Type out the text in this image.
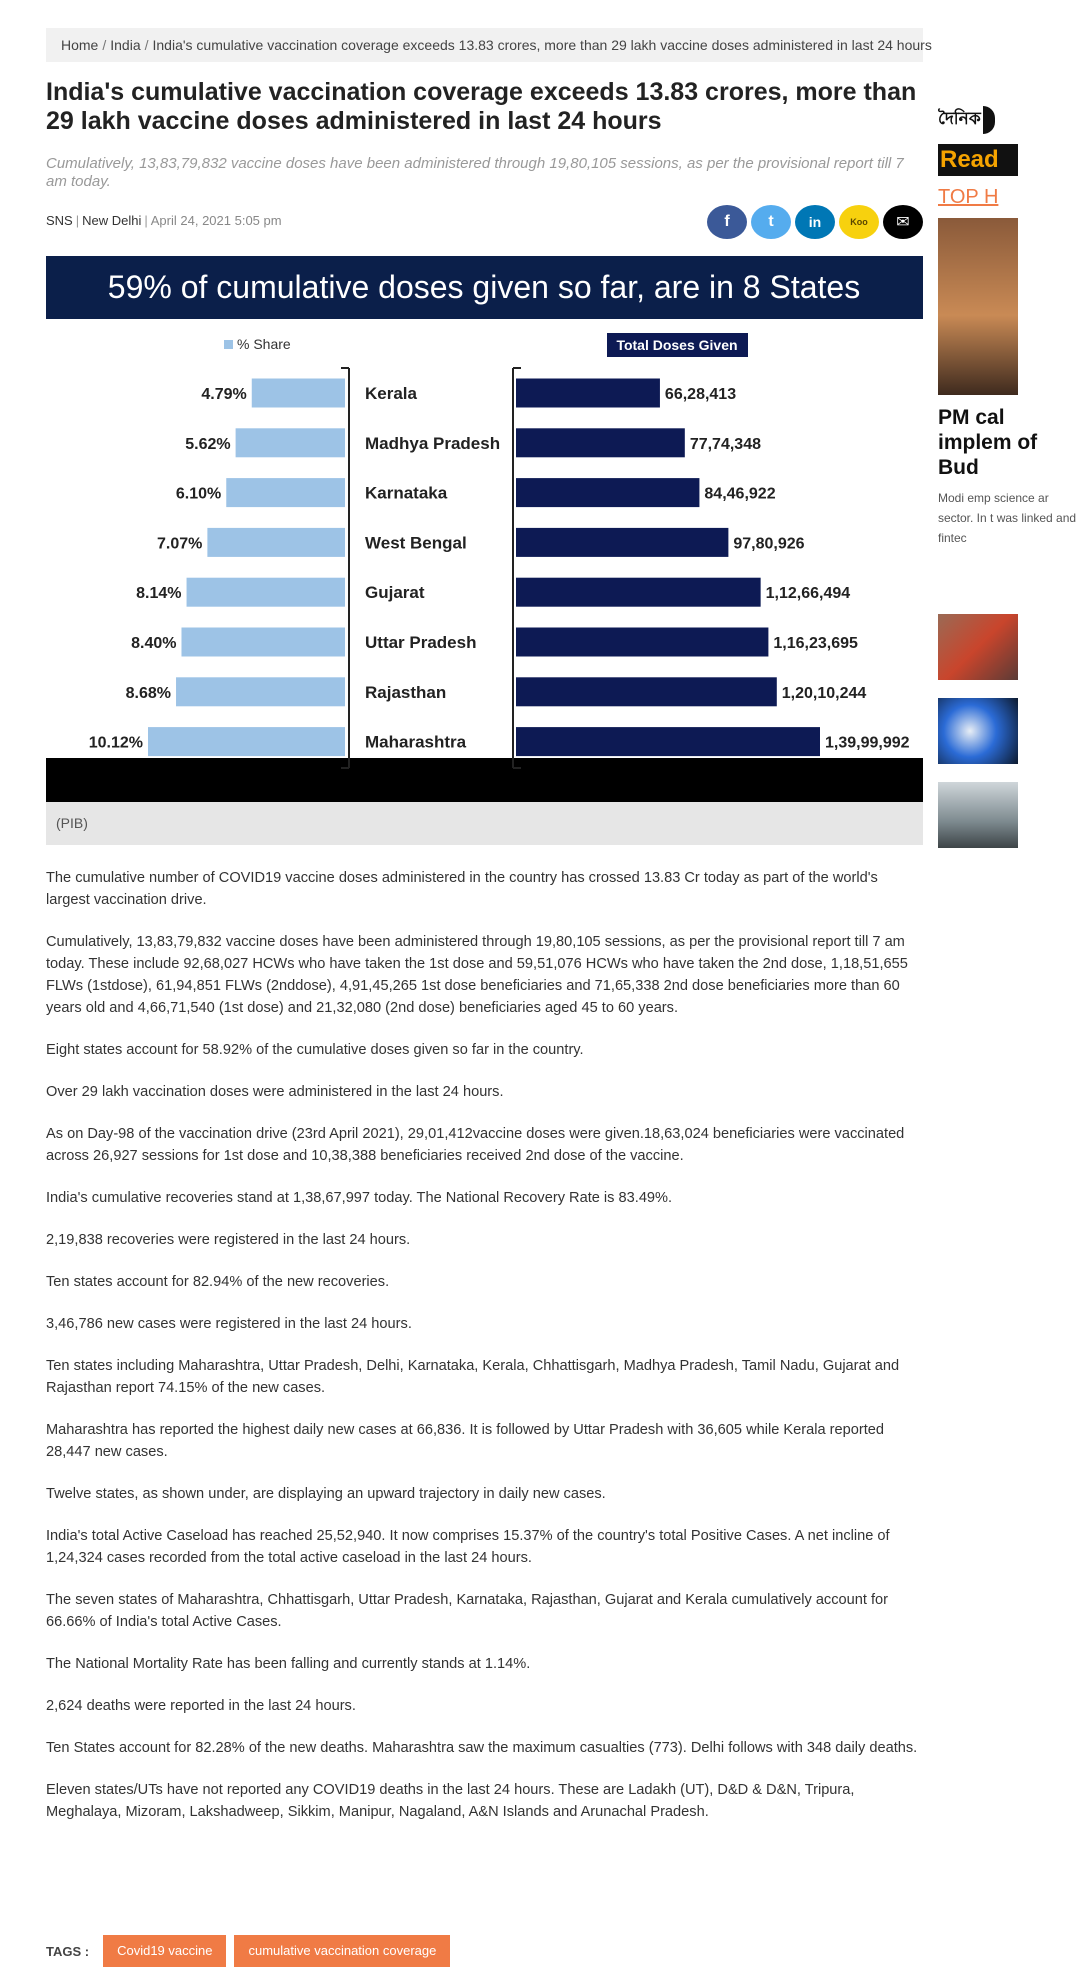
Home / India / India's cumulative vaccination coverage exceeds 13.83 crores, more than 29 lakh vaccine doses administered in last 24 hours
India's cumulative vaccination coverage exceeds 13.83 crores, more than 29 lakh vaccine doses administered in last 24 hours
Cumulatively, 13,83,79,832 vaccine doses have been administered through 19,80,105 sessions, as per the provisional report till 7 am today.
SNS | New Delhi | April 24, 2021 5:05 pm	f t	in	Koo ✉
59% of cumulative doses given so far, are in 8 States
% Share	Total Doses Given
4.79%	Kerala	66,28,413
5.62%	Madhya Pradesh	77,74,348
6.10%	Karnataka	84,46,922
7.07%	West Bengal	97,80,926
8.14%	Gujarat	1,12,66,494
8.40%	Uttar Pradesh	1,16,23,695
8.68%	Rajasthan	1,20,10,244
10.12%	Maharashtra	1,39,99,992
(PIB)

The cumulative number of COVID19 vaccine doses administered in the country has crossed 13.83 Cr today as part of the world's largest vaccination drive.

Cumulatively, 13,83,79,832 vaccine doses have been administered through 19,80,105 sessions, as per the provisional report till 7 am today. These include 92,68,027 HCWs who have taken the 1st dose and 59,51,076 HCWs who have taken the 2nd dose, 1,18,51,655 FLWs (1stdose), 61,94,851 FLWs (2nddose), 4,91,45,265 1st dose beneficiaries and 71,65,338 2nd dose beneficiaries more than 60 years old and 4,66,71,540 (1st dose) and 21,32,080 (2nd dose) beneficiaries aged 45 to 60 years.

Eight states account for 58.92% of the cumulative doses given so far in the country.

Over 29 lakh vaccination doses were administered in the last 24 hours.

As on Day-98 of the vaccination drive (23rd April 2021), 29,01,412vaccine doses were given.18,63,024 beneficiaries were vaccinated across 26,927 sessions for 1st dose and 10,38,388 beneficiaries received 2nd dose of the vaccine.

India's cumulative recoveries stand at 1,38,67,997 today. The National Recovery Rate is 83.49%.

2,19,838 recoveries were registered in the last 24 hours.

Ten states account for 82.94% of the new recoveries.

3,46,786 new cases were registered in the last 24 hours.

Ten states including Maharashtra, Uttar Pradesh, Delhi, Karnataka, Kerala, Chhattisgarh, Madhya Pradesh, Tamil Nadu, Gujarat and Rajasthan report 74.15% of the new cases.

Maharashtra has reported the highest daily new cases at 66,836. It is followed by Uttar Pradesh with 36,605 while Kerala reported 28,447 new cases.

Twelve states, as shown under, are displaying an upward trajectory in daily new cases.

India's total Active Caseload has reached 25,52,940. It now comprises 15.37% of the country's total Positive Cases. A net incline of 1,24,324 cases recorded from the total active caseload in the last 24 hours.

The seven states of Maharashtra, Chhattisgarh, Uttar Pradesh, Karnataka, Rajasthan, Gujarat and Kerala cumulatively account for 66.66% of India's total Active Cases.

The National Mortality Rate has been falling and currently stands at 1.14%.

2,624 deaths were reported in the last 24 hours.

Ten States account for 82.28% of the new deaths. Maharashtra saw the maximum casualties (773). Delhi follows with 348 daily deaths.

Eleven states/UTs have not reported any COVID19 deaths in the last 24 hours. These are Ladakh (UT), D&D & D&N, Tripura, Meghalaya, Mizoram, Lakshadweep, Sikkim, Manipur, Nagaland, A&N Islands and Arunachal Pradesh.

TAGS :	Covid19 vaccine	cumulative vaccination coverage
দৈনিক
Read
TOP H
PM cal implem of Bud
Modi emp science ar sector. In t was linked and fintec
